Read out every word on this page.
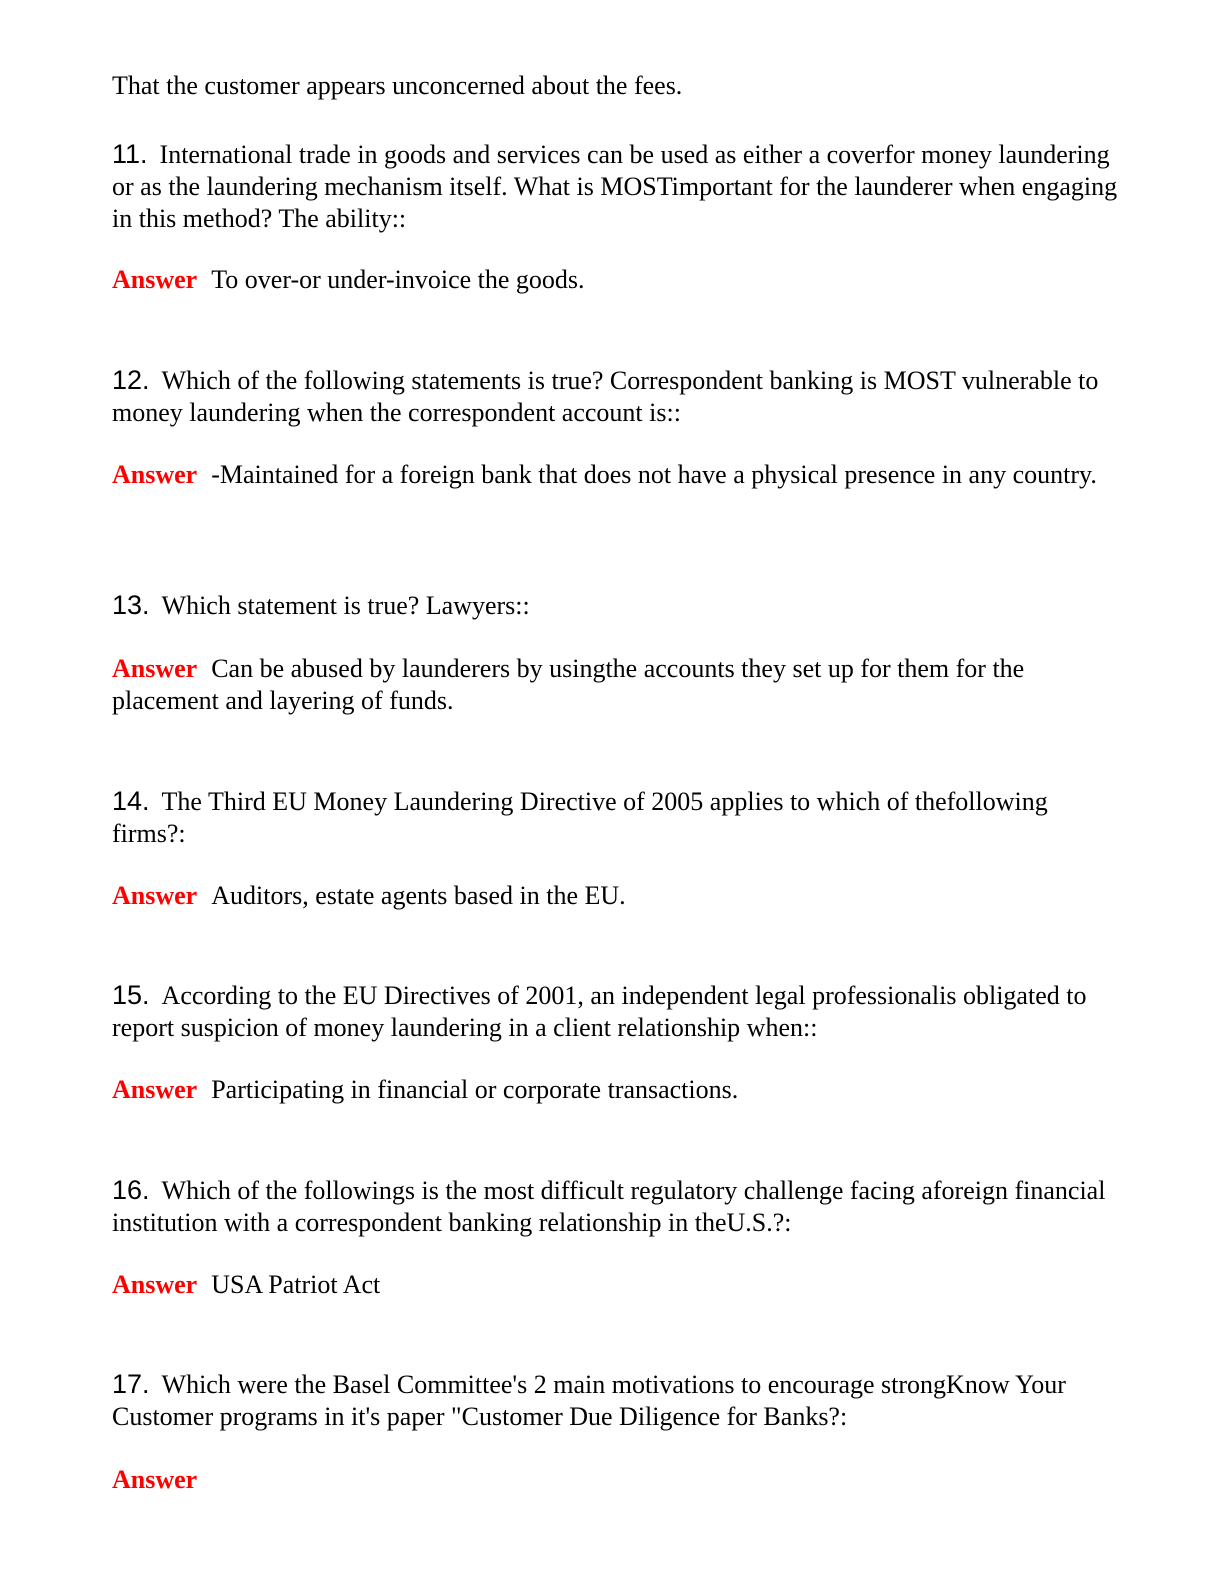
That the customer appears unconcerned about the fees.
11. International trade in goods and services can be used as either a coverfor money laundering or as the laundering mechanism itself. What is MOSTimportant for the launderer when engaging in this method? The ability::
Answer To over-or under-invoice the goods.
12. Which of the following statements is true? Correspondent banking is MOST vulnerable to money laundering when the correspondent account is::
Answer -Maintained for a foreign bank that does not have a physical presence in any country.
13. Which statement is true? Lawyers::
Answer Can be abused by launderers by usingthe accounts they set up for them for the placement and layering of funds.
14. The Third EU Money Laundering Directive of 2005 applies to which of thefollowing firms?:
Answer Auditors, estate agents based in the EU.
15. According to the EU Directives of 2001, an independent legal professionalis obligated to report suspicion of money laundering in a client relationship when::
Answer Participating in financial or corporate transactions.
16. Which of the followings is the most difficult regulatory challenge facing aforeign financial institution with a correspondent banking relationship in theU.S.?:
Answer USA Patriot Act
17. Which were the Basel Committee's 2 main motivations to encourage strongKnow Your Customer programs in it's paper "Customer Due Diligence for Banks?:
Answer
